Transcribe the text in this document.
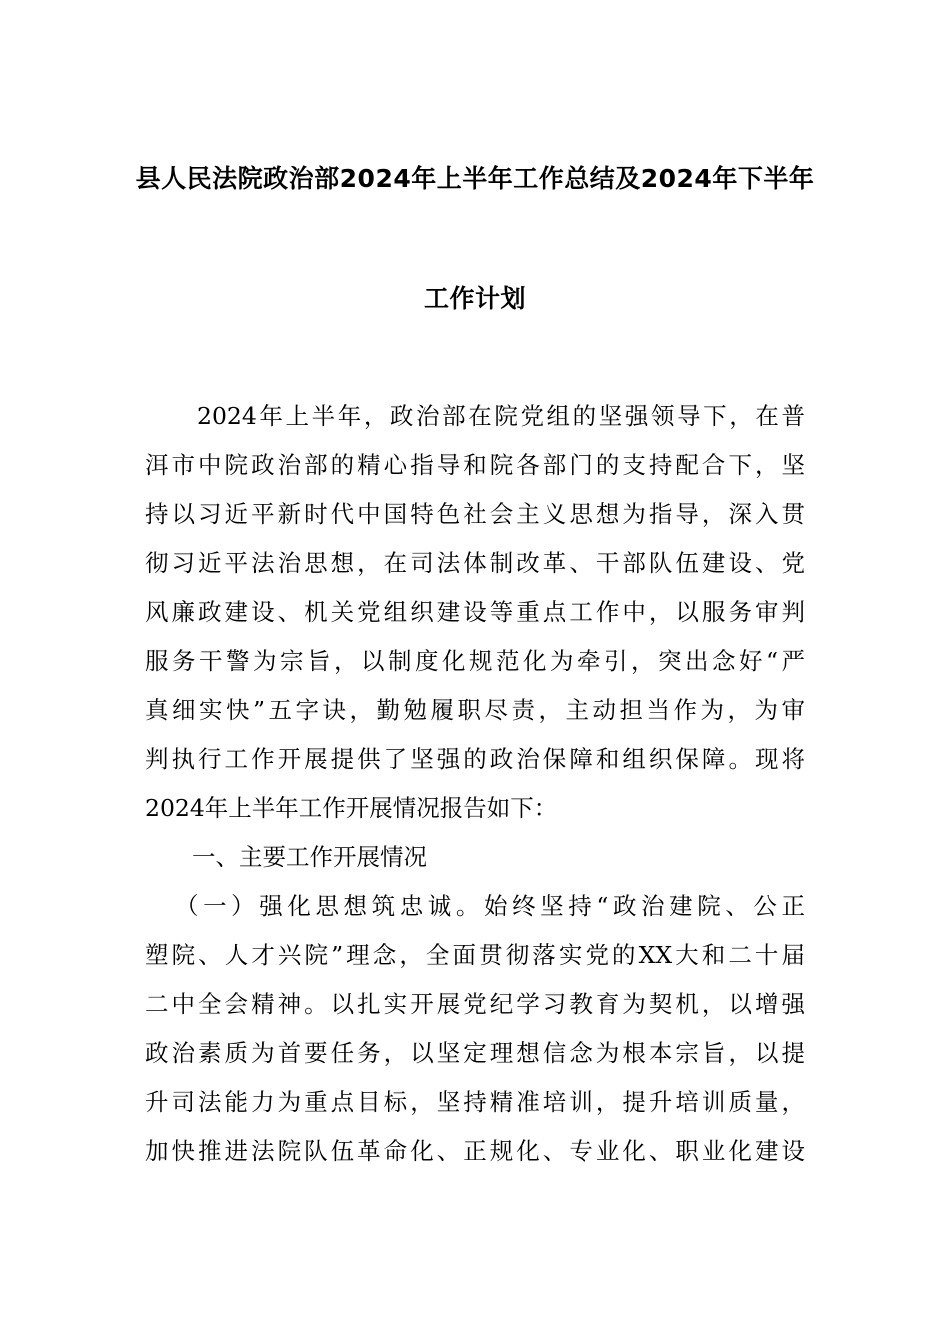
县人民法院政治部2024年上半年工作总结及2024年下半年
工作计划
2024年上半年，政治部在院党组的坚强领导下，在普
洱市中院政治部的精心指导和院各部门的支持配合下，坚
持以习近平新时代中国特色社会主义思想为指导，深入贯
彻习近平法治思想，在司法体制改革、干部队伍建设、党
风廉政建设、机关党组织建设等重点工作中，以服务审判
服务干警为宗旨，以制度化规范化为牵引，突出念好“严
真细实快”五字诀，勤勉履职尽责，主动担当作为，为审
判执行工作开展提供了坚强的政治保障和组织保障。现将
2024年上半年工作开展情况报告如下：
一、主要工作开展情况
（一）强化思想筑忠诚。始终坚持“政治建院、公正
塑院、人才兴院”理念，全面贯彻落实党的XX大和二十届
二中全会精神。以扎实开展党纪学习教育为契机，以增强
政治素质为首要任务，以坚定理想信念为根本宗旨，以提
升司法能力为重点目标，坚持精准培训，提升培训质量，
加快推进法院队伍革命化、正规化、专业化、职业化建设
